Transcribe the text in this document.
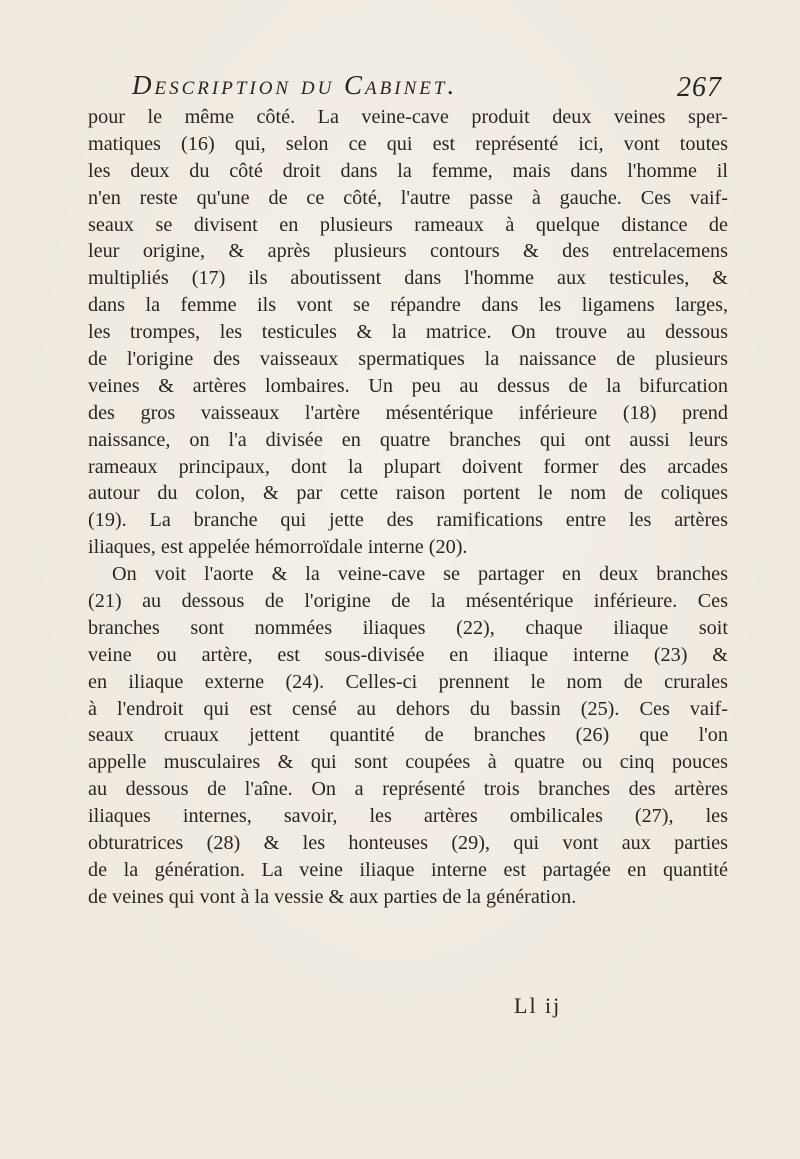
Description du Cabinet.	267
pour le même côté. La veine-cave produit deux veines sper-
matiques (16) qui, selon ce qui est représenté ici, vont toutes
les deux du côté droit dans la femme, mais dans l'homme il
n'en reste qu'une de ce côté, l'autre passe à gauche. Ces vaif-
seaux se divisent en plusieurs rameaux à quelque distance de
leur origine, & après plusieurs contours & des entrelacemens
multipliés (17) ils aboutissent dans l'homme aux testicules, &
dans la femme ils vont se répandre dans les ligamens larges,
les trompes, les testicules & la matrice. On trouve au dessous
de l'origine des vaisseaux spermatiques la naissance de plusieurs
veines & artères lombaires. Un peu au dessus de la bifurcation
des gros vaisseaux l'artère mésentérique inférieure (18) prend
naissance, on l'a divisée en quatre branches qui ont aussi leurs
rameaux principaux, dont la plupart doivent former des arcades
autour du colon, & par cette raison portent le nom de coliques
(19). La branche qui jette des ramifications entre les artères
iliaques, est appelée hémorroïdale interne (20).
On voit l'aorte & la veine-cave se partager en deux branches
(21) au dessous de l'origine de la mésentérique inférieure. Ces
branches sont nommées iliaques (22), chaque iliaque soit
veine ou artère, est sous-divisée en iliaque interne (23) &
en iliaque externe (24). Celles-ci prennent le nom de crurales
à l'endroit qui est censé au dehors du bassin (25). Ces vaif-
seaux cruaux jettent quantité de branches (26) que l'on
appelle musculaires & qui sont coupées à quatre ou cinq pouces
au dessous de l'aîne. On a représenté trois branches des artères
iliaques internes, savoir, les artères ombilicales (27), les
obturatrices (28) & les honteuses (29), qui vont aux parties
de la génération. La veine iliaque interne est partagée en quantité
de veines qui vont à la vessie & aux parties de la génération.
Ll ij
